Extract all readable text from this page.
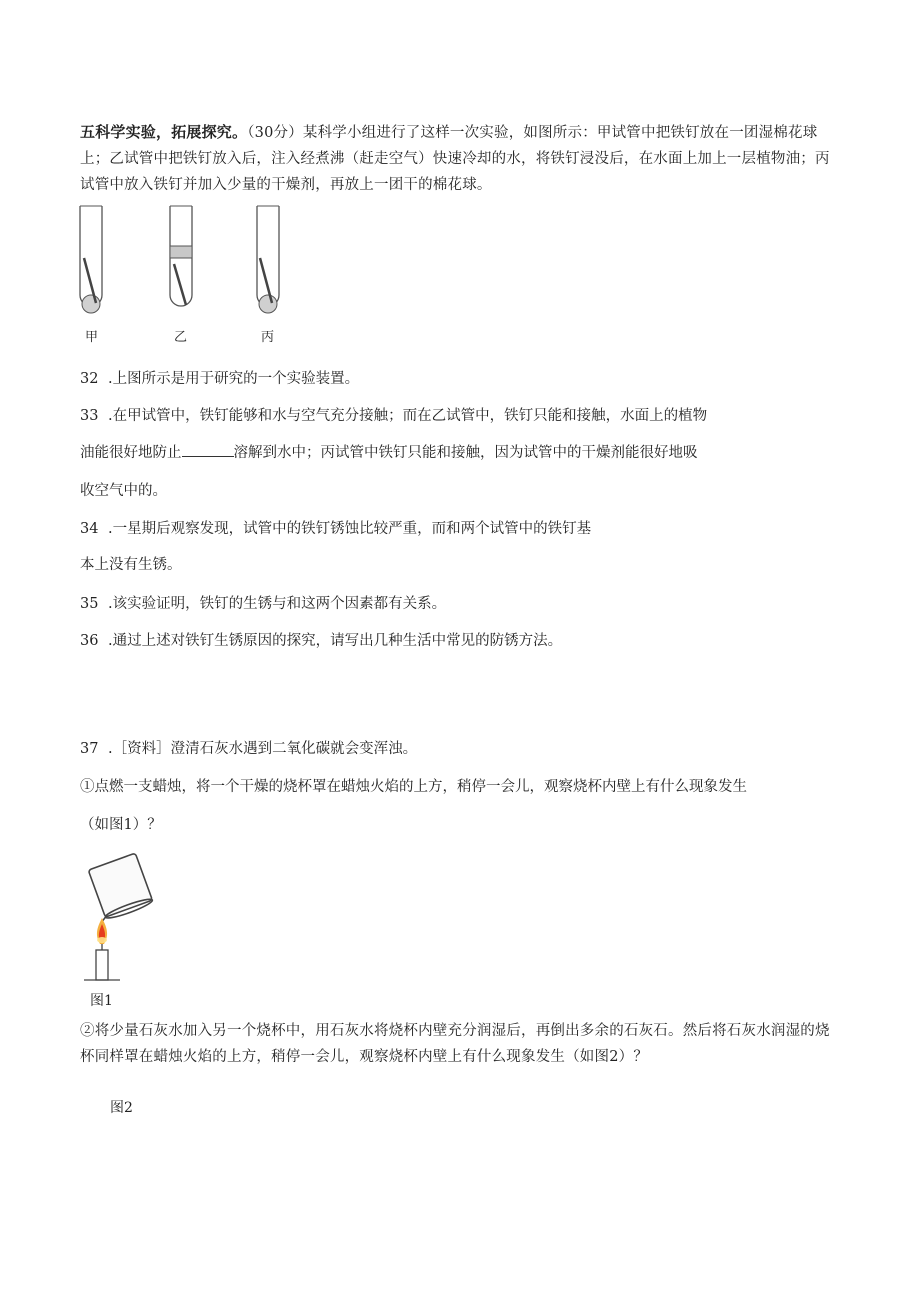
五科学实验，拓展探究。（30分）某科学小组进行了这样一次实验，如图所示：甲试管中把铁钉放在一团湿棉花球上；乙试管中把铁钉放入后，注入经煮沸（赶走空气）快速冷却的水，将铁钉浸没后，在水面上加上一层植物油；丙试管中放入铁钉并加入少量的干燥剂，再放上一团干的棉花球。
甲	乙	丙
32 .上图所示是用于研究的一个实验装置。
33 .在甲试管中，铁钉能够和水与空气充分接触；而在乙试管中，铁钉只能和接触，水面上的植物
油能很好地防止	溶解到水中；丙试管中铁钉只能和接触，因为试管中的干燥剂能很好地吸
收空气中的。
34 .一星期后观察发现，试管中的铁钉锈蚀比较严重，而和两个试管中的铁钉基
本上没有生锈。
35 .该实验证明，铁钉的生锈与和这两个因素都有关系。
36 .通过上述对铁钉生锈原因的探究，请写出几种生活中常见的防锈方法。
37 .［资料］澄清石灰水遇到二氧化碳就会变浑浊。
①点燃一支蜡烛，将一个干燥的烧杯罩在蜡烛火焰的上方，稍停一会儿，观察烧杯内壁上有什么现象发生
（如图1）？
图1
②将少量石灰水加入另一个烧杯中，用石灰水将烧杯内壁充分润湿后，再倒出多余的石灰石。然后将石灰水润湿的烧杯同样罩在蜡烛火焰的上方，稍停一会儿，观察烧杯内壁上有什么现象发生（如图2）？
图2
